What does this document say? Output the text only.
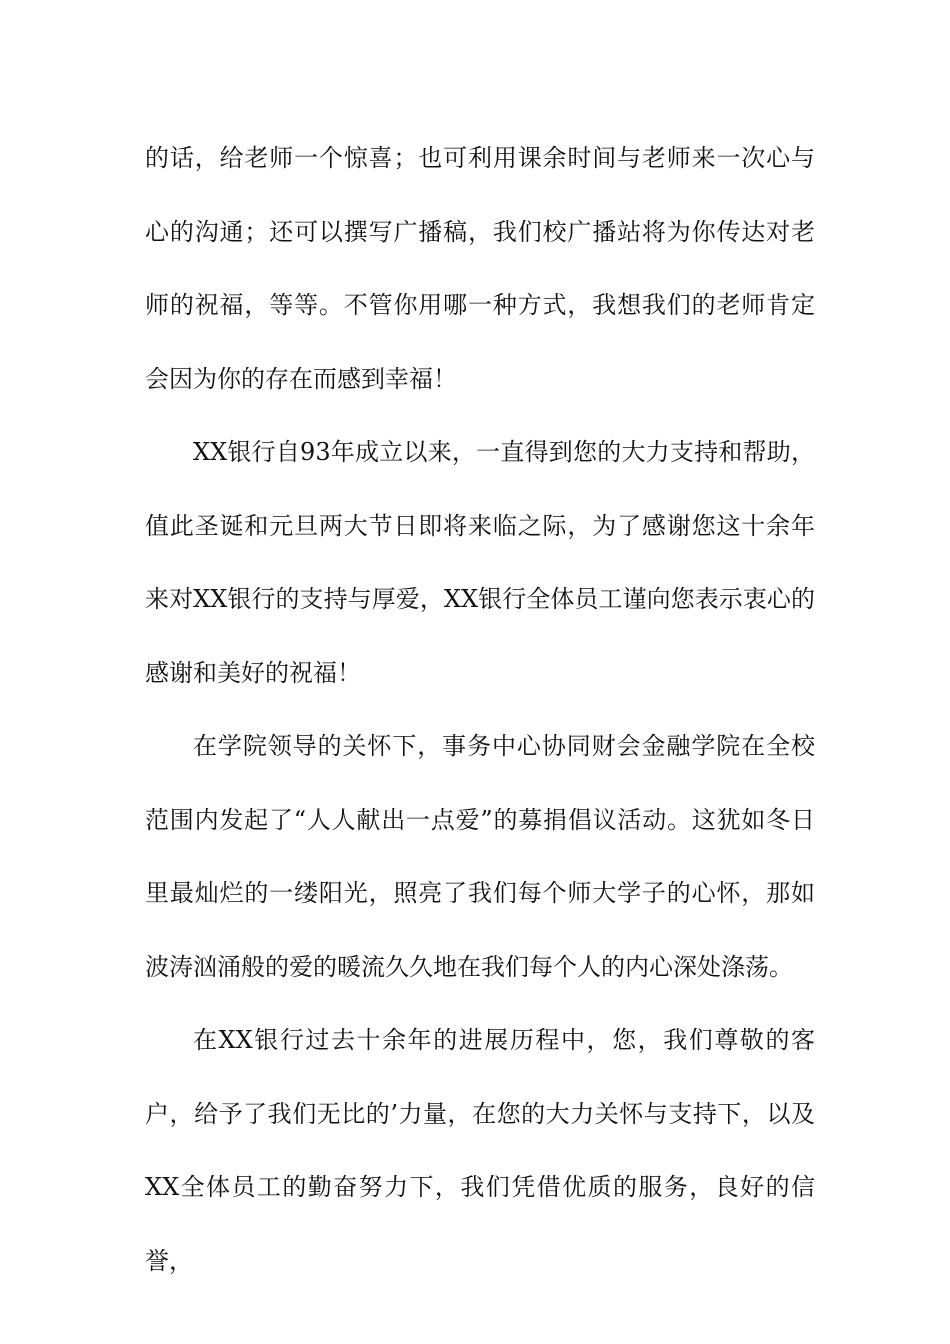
的话，给老师一个惊喜；也可利用课余时间与老师来一次心与心的沟通；还可以撰写广播稿，我们校广播站将为你传达对老师的祝福，等等。不管你用哪一种方式，我想我们的老师肯定会因为你的存在而感到幸福！

XX银行自93年成立以来，一直得到您的大力支持和帮助，值此圣诞和元旦两大节日即将来临之际，为了感谢您这十余年来对XX银行的支持与厚爱，XX银行全体员工谨向您表示衷心的感谢和美好的祝福！

在学院领导的关怀下，事务中心协同财会金融学院在全校范围内发起了“人人献出一点爱”的募捐倡议活动。这犹如冬日里最灿烂的一缕阳光，照亮了我们每个师大学子的心怀，那如波涛汹涌般的爱的暖流久久地在我们每个人的内心深处涤荡。

在XX银行过去十余年的进展历程中，您，我们尊敬的客户，给予了我们无比的’力量，在您的大力关怀与支持下，以及XX全体员工的勤奋努力下，我们凭借优质的服务，良好的信誉，
